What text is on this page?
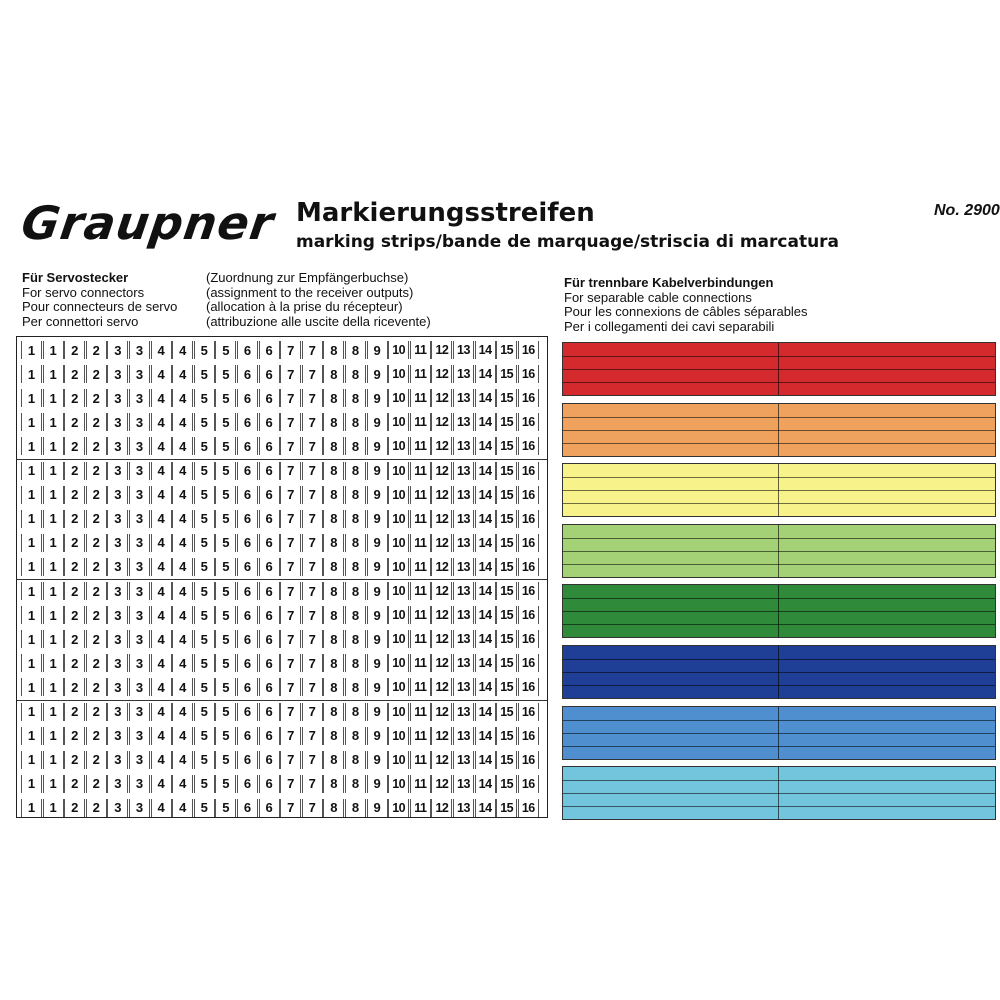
Graupner Markierungsstreifen
marking strips/bande de marquage/striscia di marcatura
No. 2900
Für Servostecker
For servo connectors
Pour connecteurs de servo
Per connettori servo
(Zuordnung zur Empfängerbuchse)
(assignment to the receiver outputs)
(allocation à la prise du récepteur)
(attribuzione alle uscite della ricevente)
Für trennbare Kabelverbindungen
For separable cable connections
Pour les connexions de câbles séparables
Per i collegamenti dei cavi separabili
1	1	2	2	3	3	4	4	5	5	6	6	7	7	8	8	9 10 11 12 13 14 15 16
1	1	2	2	3	3	4	4	5	5	6	6	7	7	8	8	9 10 11 12 13 14 15 16
1	1	2	2	3	3	4	4	5	5	6	6	7	7	8	8	9 10 11 12 13 14 15 16
1	1	2	2	3	3	4	4	5	5	6	6	7	7	8	8	9 10 11 12 13 14 15 16
1	1	2	2	3	3	4	4	5	5	6	6	7	7	8	8	9 10 11 12 13 14 15 16
1	1	2	2	3	3	4	4	5	5	6	6	7	7	8	8	9 10 11 12 13 14 15 16
1	1	2	2	3	3	4	4	5	5	6	6	7	7	8	8	9 10 11 12 13 14 15 16
1	1	2	2	3	3	4	4	5	5	6	6	7	7	8	8	9 10 11 12 13 14 15 16
1	1	2	2	3	3	4	4	5	5	6	6	7	7	8	8	9 10 11 12 13 14 15 16
1	1	2	2	3	3	4	4	5	5	6	6	7	7	8	8	9 10 11 12 13 14 15 16
1	1	2	2	3	3	4	4	5	5	6	6	7	7	8	8	9 10 11 12 13 14 15 16
1	1	2	2	3	3	4	4	5	5	6	6	7	7	8	8	9 10 11 12 13 14 15 16
1	1	2	2	3	3	4	4	5	5	6	6	7	7	8	8	9 10 11 12 13 14 15 16
1	1	2	2	3	3	4	4	5	5	6	6	7	7	8	8	9 10 11 12 13 14 15 16
1	1	2	2	3	3	4	4	5	5	6	6	7	7	8	8	9 10 11 12 13 14 15 16
1	1	2	2	3	3	4	4	5	5	6	6	7	7	8	8	9 10 11 12 13 14 15 16
1	1	2	2	3	3	4	4	5	5	6	6	7	7	8	8	9 10 11 12 13 14 15 16
1	1	2	2	3	3	4	4	5	5	6	6	7	7	8	8	9 10 11 12 13 14 15 16
1	1	2	2	3	3	4	4	5	5	6	6	7	7	8	8	9 10 11 12 13 14 15 16
1	1	2	2	3	3	4	4	5	5	6	6	7	7	8	8	9 10 11 12 13 14 15 16
